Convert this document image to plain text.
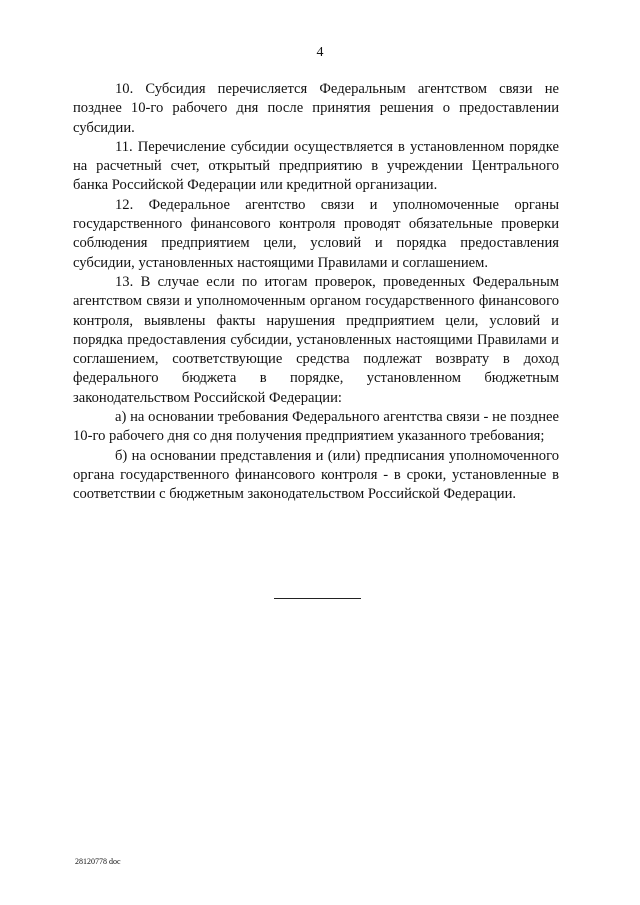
4

10. Субсидия перечисляется Федеральным агентством связи не позднее 10-го рабочего дня после принятия решения о предоставлении субсидии.

11. Перечисление субсидии осуществляется в установленном порядке на расчетный счет, открытый предприятию в учреждении Центрального банка Российской Федерации или кредитной организации.

12. Федеральное агентство связи и уполномоченные органы государственного финансового контроля проводят обязательные проверки соблюдения предприятием цели, условий и порядка предоставления субсидии, установленных настоящими Правилами и соглашением.

13. В случае если по итогам проверок, проведенных Федеральным агентством связи и уполномоченным органом государственного финансового контроля, выявлены факты нарушения предприятием цели, условий и порядка предоставления субсидии, установленных настоящими Правилами и соглашением, соответствующие средства подлежат возврату в доход федерального бюджета в порядке, установленном бюджетным законодательством Российской Федерации:

а) на основании требования Федерального агентства связи - не позднее 10-го рабочего дня со дня получения предприятием указанного требования;

б) на основании представления и (или) предписания уполномоченного органа государственного финансового контроля - в сроки, установленные в соответствии с бюджетным законодательством Российской Федерации.

28120778 doc
